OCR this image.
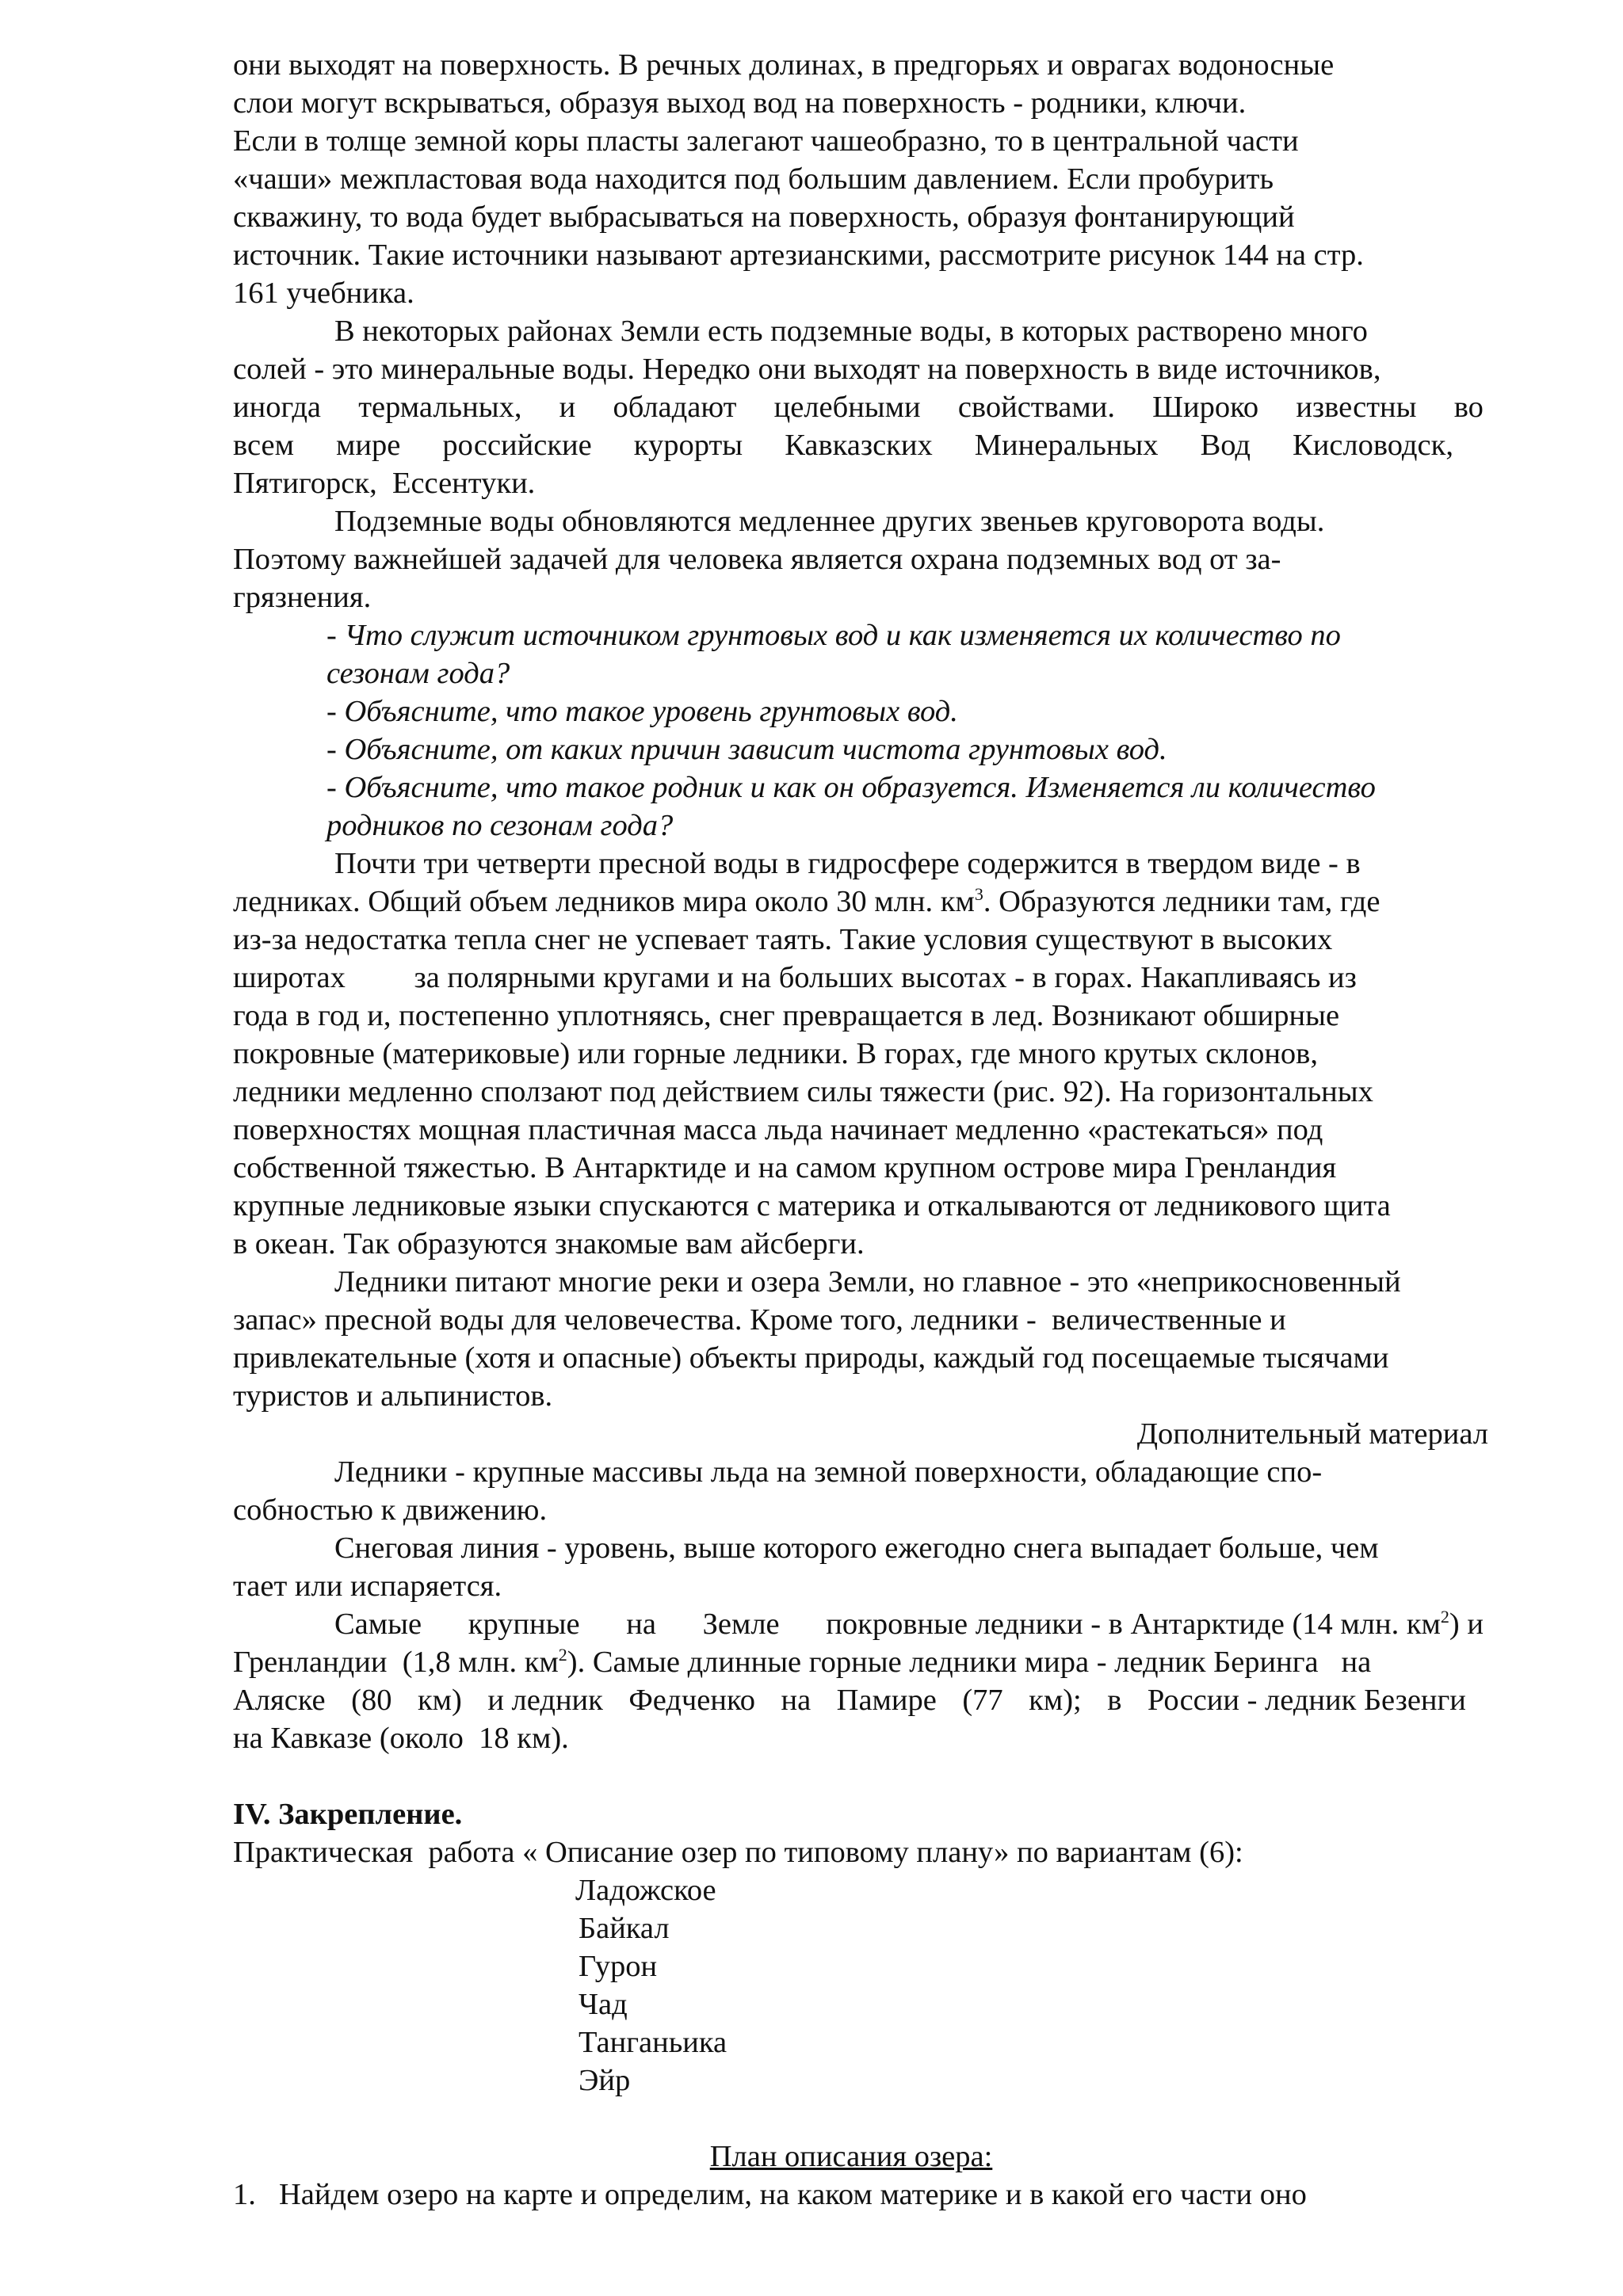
они выходят на поверхность. В речных долинах, в предгорьях и оврагах водоносные
слои могут вскрываться, образуя выход вод на поверхность - родники, ключи.
Если в толще земной коры пласты залегают чашеобразно, то в центральной части
«чаши» межпластовая вода находится под большим давлением. Если пробурить
скважину, то вода будет выбрасываться на поверхность, образуя фонтанирующий
источник. Такие источники называют артезианскими, рассмотрите рисунок 144 на стр.
161 учебника.
В некоторых районах Земли есть подземные воды, в которых растворено много
солей - это минеральные воды. Нередко они выходят на поверхность в виде источников,
иногда термальных, и обладают целебными свойствами. Широко известны во
всем мире российские курорты Кавказских Минеральных Вод Кисловодск,
Пятигорск,  Ессентуки.
Подземные воды обновляются медленнее других звеньев круговорота воды.
Поэтому важнейшей задачей для человека является охрана подземных вод от за-
грязнения.
- Что служит источником грунтовых вод и как изменяется их количество по
сезонам года?
- Объясните, что такое уровень грунтовых вод.
- Объясните, от каких причин зависит чистота грунтовых вод.
- Объясните, что такое родник и как он образуется. Изменяется ли количество
родников по сезонам года?
Почти три четверти пресной воды в гидросфере содержится в твердом виде - в
ледниках. Общий объем ледников мира около 30 млн. $км^3$. Образуются ледники там, где
из-за недостатка тепла снег не успевает таять. Такие условия существуют в высоких
широтах         за полярными кругами и на больших высотах - в горах. Накапливаясь из
года в год и, постепенно уплотняясь, снег превращается в лед. Возникают обширные
покровные (материковые) или горные ледники. В горах, где много крутых склонов,
ледники медленно сползают под действием силы тяжести (рис. 92). На горизонтальных
поверхностях мощная пластичная масса льда начинает медленно «растекаться» под
собственной тяжестью. В Антарктиде и на самом крупном острове мира Гренландия
крупные ледниковые языки спускаются с материка и откалываются от ледникового щита
в океан. Так образуются знакомые вам айсберги.
Ледники питают многие реки и озера Земли, но главное - это «неприкосновенный
запас» пресной воды для человечества. Кроме того, ледники -  величественные и
привлекательные (хотя и опасные) объекты природы, каждый год посещаемые тысячами
туристов и альпинистов.
Дополнительный материал
Ледники - крупные массивы льда на земной поверхности, обладающие спо-
собностью к движению.
Снеговая линия - уровень, выше которого ежегодно снега выпадает больше, чем
тает или испаряется.
Самые крупные на Земле покровные ледники - в Антарктиде (14 млн. $км^2$) и
Гренландии  (1,8 млн. $км^2$). Самые длинные горные ледники мира - ледник Беринга   на
Аляске (80 км) и ледник Федченко на Памире (77 км); в России - ледник Безенги
на Кавказе (около  18 км).
IV. Закрепление.
Практическая  работа « Описание озер по типовому плану» по вариантам (6):
Ладожское
Байкал
Гурон
Чад
Танганьика
Эйр
План описания озера:
1. Найдем озеро на карте и определим, на каком материке и в какой его части оно
